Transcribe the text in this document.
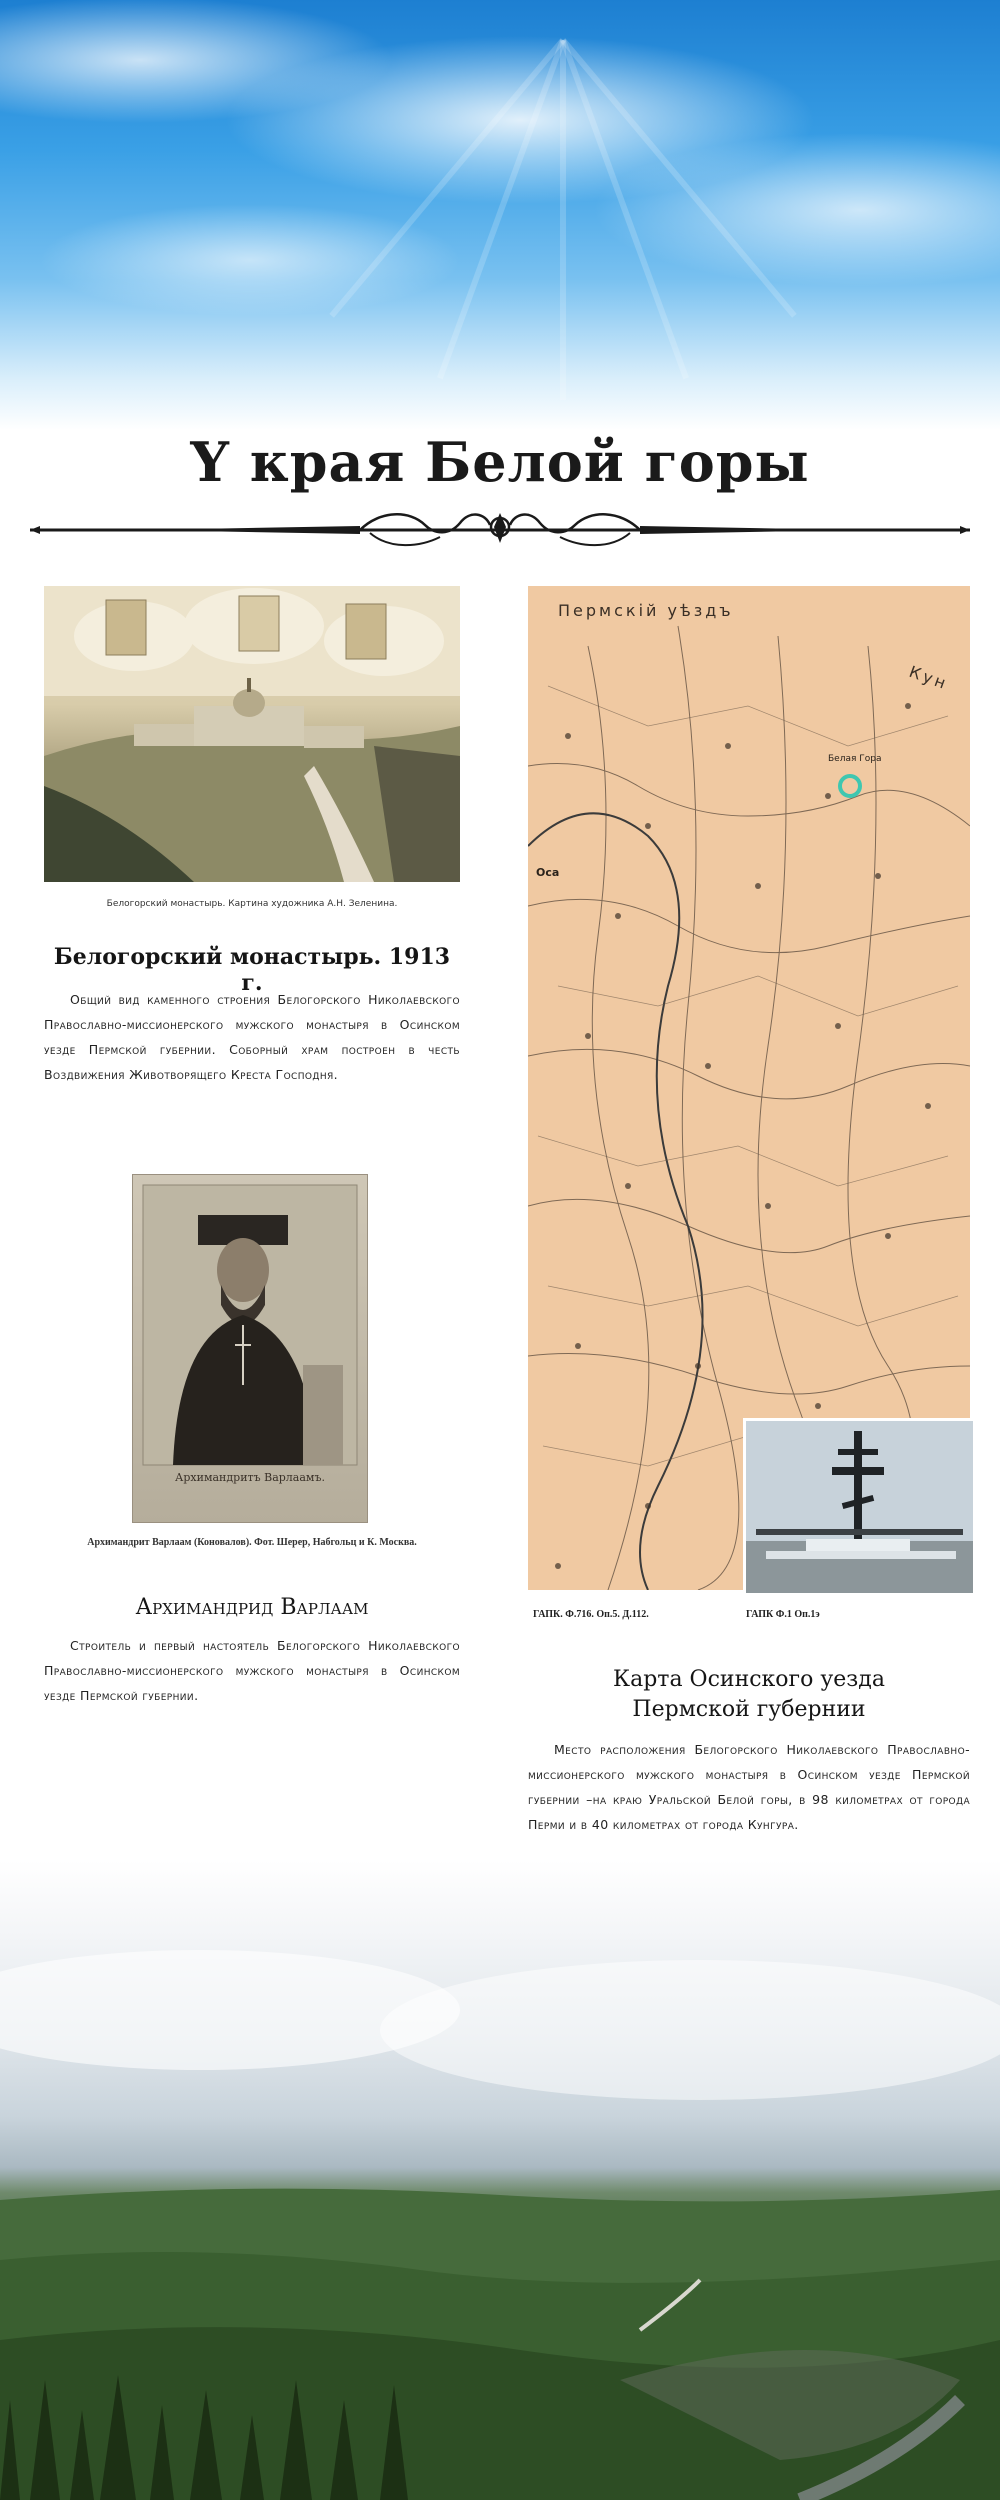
Ү края Белой горы
Белогорский монастырь. Картина художника А.Н. Зеленина.
Белогорский монастырь. 1913 г.
Общий вид каменного строения Белогорского Николаевского Православно-миссионерского мужского монастыря в Осинском уезде Пермской губернии. Соборный храм построен в честь Воздвижения Животворящего Креста Господня.
Архимандритъ Варлаамъ.
Архимандрит Варлаам (Коновалов). Фот. Шерер, Набгольц и К. Москва.
Архимандрид Варлаам
Строитель и первый настоятель Белогорского Николаевского Православно-миссионерского мужского монастыря в Осинском уезде Пермской губернии.
Пермскій уѣздъ
Кун
Оса
Белая Гора
ГАПК. Ф.716. Оп.5. Д.112.	ГАПК Ф.1 Оп.1э
Карта Осинского уезда
Пермской губернии
Место расположения Белогорского Николаевского Православно-миссионерского мужского монастыря в Осинском уезде Пермской губернии –на краю Уральской Белой горы, в 98 километрах от города Перми и в 40 километрах от города Кунгура.
